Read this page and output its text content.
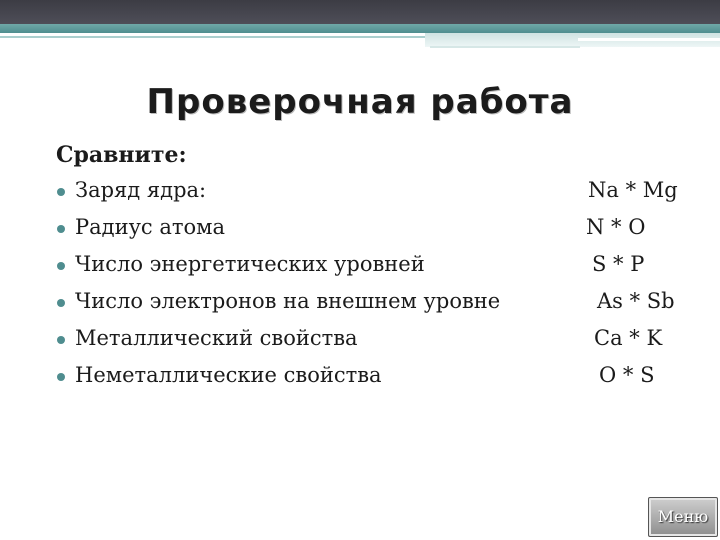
Проверочная работа

Сравните:

Заряд ядра:	Na * Mg
Радиус атома	N * O
Число энергетических уровней	S * P
Число электронов на внешнем уровне	As * Sb
Металлический свойства	Ca * K
Неметаллические свойства	O * S
Меню
